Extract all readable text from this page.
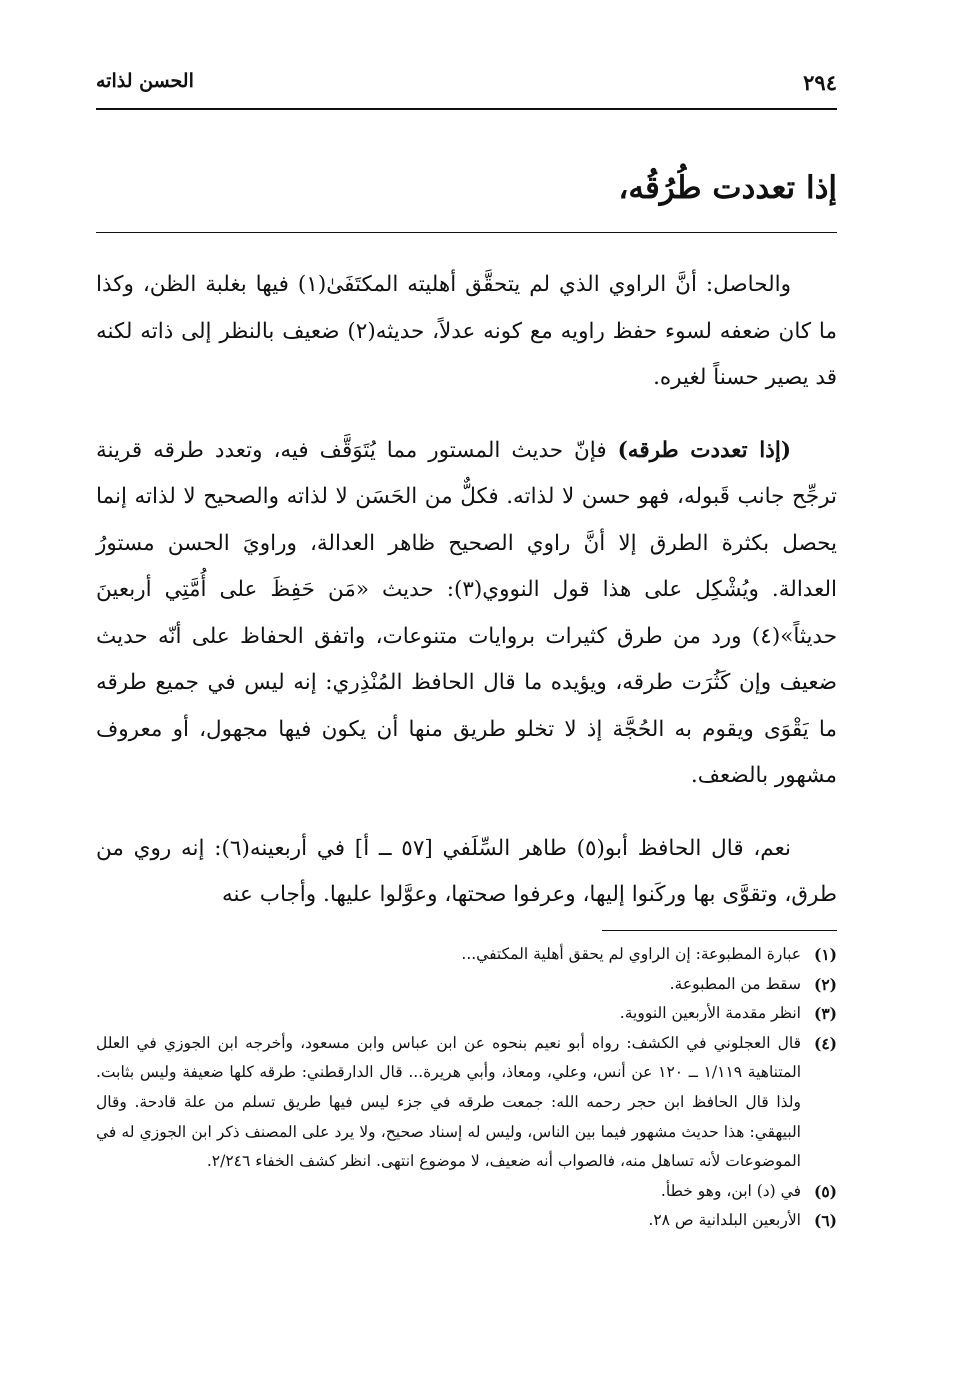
٢٩٤
الحسن لذاته
إذا تعددت طُرُقُه،

والحاصل: أنَّ الراوي الذي لم يتحقَّق أهليته المكتَفَىٰ(١) فيها بغلبة الظن، وكذا ما كان ضعفه لسوء حفظ راويه مع كونه عدلاً، حديثه(٢) ضعيف بالنظر إلى ذاته لكنه قد يصير حسناً لغيره.

(إذا تعددت طرقه) فإنّ حديث المستور مما يُتَوَقَّف فيه، وتعدد طرقه قرينة ترجِّح جانب قَبوله، فهو حسن لا لذاته. فكلٌّ من الحَسَن لا لذاته والصحيح لا لذاته إنما يحصل بكثرة الطرق إلا أنَّ راوي الصحيح ظاهر العدالة، وراويَ الحسن مستورُ العدالة. ويُشْكِل على هذا قول النووي(٣): حديث «مَن حَفِظَ على أُمَّتِي أربعينَ حديثاً»(٤) ورد من طرق كثيرات بروايات متنوعات، واتفق الحفاظ على أنّه حديث ضعيف وإن كَثُرَت طرقه، ويؤيده ما قال الحافظ المُنْذِري: إنه ليس في جميع طرقه ما يَقْوَى ويقوم به الحُجَّة إذ لا تخلو طريق منها أن يكون فيها مجهول، أو معروف مشهور بالضعف.

نعم، قال الحافظ أبو(٥) طاهر السِّلَفي [٥٧ ــ أ] في أربعينه(٦): إنه روي من طرق، وتقوَّى بها وركَنوا إليها، وعرفوا صحتها، وعوَّلوا عليها. وأجاب عنه

(١)
عبارة المطبوعة: إن الراوي لم يحقق أهلية المكتفي...
(٢)
سقط من المطبوعة.
(٣)
انظر مقدمة الأربعين النووية.
(٤)
قال العجلوني في الكشف: رواه أبو نعيم بنحوه عن ابن عباس وابن مسعود، وأخرجه ابن الجوزي في العلل المتناهية ١/١١٩ ــ ١٢٠ عن أنس، وعلي، ومعاذ، وأبي هريرة... قال الدارقطني: طرقه كلها ضعيفة وليس بثابت. ولذا قال الحافظ ابن حجر رحمه الله: جمعت طرقه في جزء ليس فيها طريق تسلم من علة قادحة. وقال البيهقي: هذا حديث مشهور فيما بين الناس، وليس له إسناد صحيح، ولا يرد على المصنف ذكر ابن الجوزي له في الموضوعات لأنه تساهل منه، فالصواب أنه ضعيف، لا موضوع انتهى. انظر كشف الخفاء ٢/٢٤٦.
(٥)
في (د) ابن، وهو خطأ.
(٦)
الأربعين البلدانية ص ٢٨.
